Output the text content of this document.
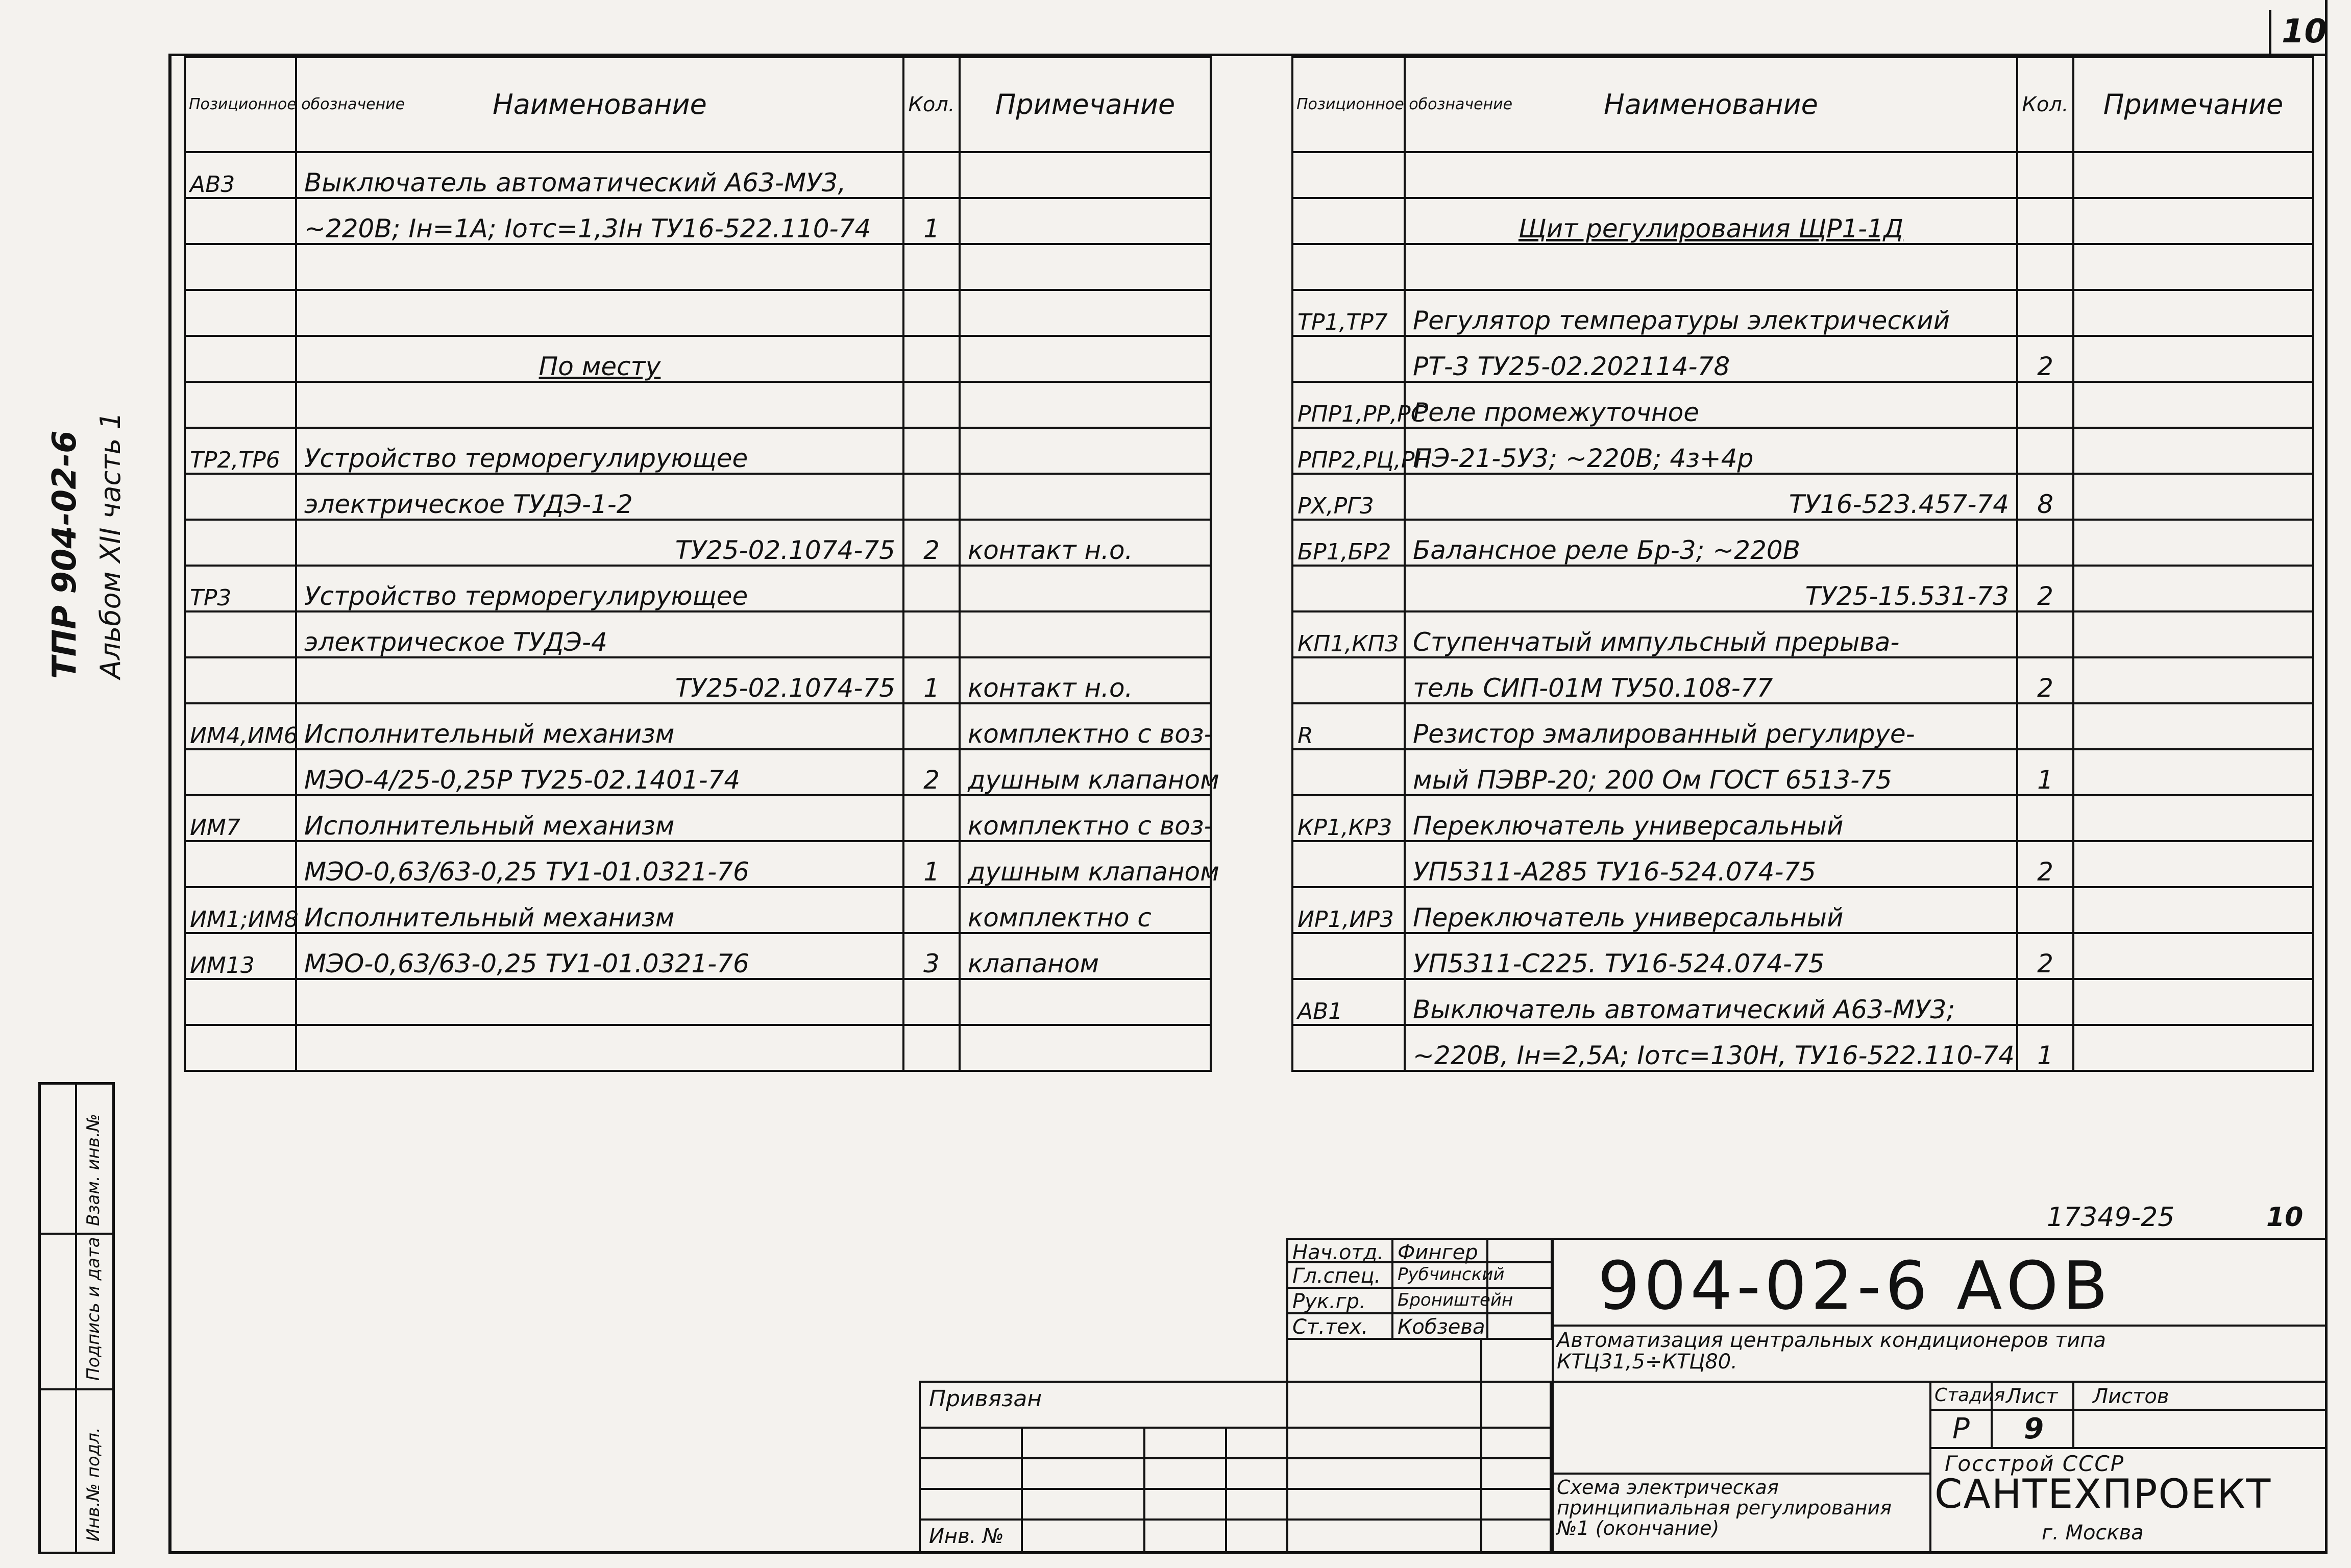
10
ТПР 904-02-6 Альбом XII часть 1
Инв.№ подл.
Подпись и дата
Взам. инв.№
Позиционное обозначение	Наименование	Кол.	Примечание
АВ3	Выключатель автоматический А63-МУ3,		
	~220В; Iн=1А; Iотс=1,3Iн ТУ16-522.110-74	1	

	По месту		

ТР2,ТР6	Устройство терморегулирующее		
	электрическое ТУДЭ-1-2		
	ТУ25-02.1074-75	2	контакт н.о.
ТР3	Устройство терморегулирующее		
	электрическое ТУДЭ-4		
	ТУ25-02.1074-75	1	контакт н.о.
ИМ4,ИМ6	Исполнительный механизм		комплектно с воз-
	МЭО-4/25-0,25Р ТУ25-02.1401-74	2	душным клапаном
ИМ7	Исполнительный механизм		комплектно с воз-
	МЭО-0,63/63-0,25 ТУ1-01.0321-76	1	душным клапаном
ИМ1;ИМ8	Исполнительный механизм		комплектно с
ИМ13	МЭО-0,63/63-0,25 ТУ1-01.0321-76	3	клапаном

Позиционное обозначение	Наименование	Кол.	Примечание

	Щит регулирования ЩР1-1Д		

ТР1,ТР7	Регулятор температуры электрический		
	РТ-3 ТУ25-02.202114-78	2	
РПР1,РР,РС	Реле промежуточное		
РПР2,РЦ,РН	ПЭ-21-5У3; ~220В; 4з+4р		
РХ,РГ3	ТУ16-523.457-74	8	
БР1,БР2	Балансное реле Бр-3; ~220В		
	ТУ25-15.531-73	2	
КП1,КП3	Ступенчатый импульсный прерыва-		
	тель СИП-01М ТУ50.108-77	2	
R	Резистор эмалированный регулируе-		
	мый ПЭВР-20; 200 Ом ГОСТ 6513-75	1	
КР1,КР3	Переключатель универсальный		
	УП5311-А285 ТУ16-524.074-75	2	
ИР1,ИР3	Переключатель универсальный		
	УП5311-С225. ТУ16-524.074-75	2	
АВ1	Выключатель автоматический А63-МУ3;		
	~220В, Iн=2,5А; Iотс=130Н, ТУ16-522.110-74	1	
17349-25	10
Нач.отд. Фингер
Гл.спец. Рубчинский
Рук.гр.	Броништейн
Ст.тех.	Кобзева
Привязан
Инв. №
904-02-6 АОВ
Автоматизация центральных кондиционеров типа КТЦ31,5÷КТЦ80.
Стадия Лист Листов
Р 9
Схема электрическая принципиальная регулирования №1 (окончание)
Госстрой СССР
САНТЕХПРОЕКТ
г. Москва
